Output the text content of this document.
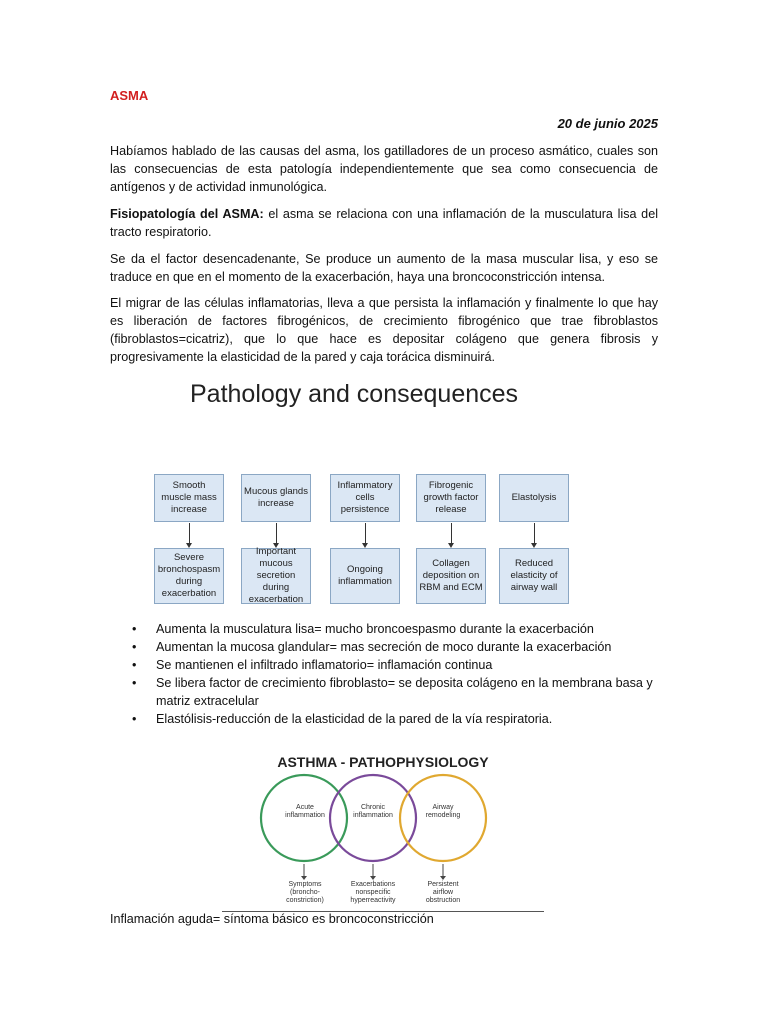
ASMA
20 de junio 2025
Habíamos hablado de las causas del asma, los gatilladores de un proceso asmático, cuales son las consecuencias de esta patología independientemente que sea como consecuencia de antígenos y de actividad inmunológica.
Fisiopatología del ASMA: el asma se relaciona con una inflamación de la musculatura lisa del tracto respiratorio.
Se da el factor desencadenante, Se produce un aumento de la masa muscular lisa, y eso se traduce en que en el momento de la exacerbación, haya una broncoconstricción intensa.
El migrar de las células inflamatorias, lleva a que persista la inflamación y finalmente lo que hay es liberación de factores fibrogénicos, de crecimiento fibrogénico que trae fibroblastos (fibroblastos=cicatriz), que lo que hace es depositar colágeno que genera fibrosis y progresivamente la elasticidad de la pared y caja torácica disminuirá.
Pathology and consequences
Smooth muscle mass increase
Mucous glands increase
Inflammatory cells persistence
Fibrogenic growth factor release
Elastolysis
Severe bronchospasm during exacerbation
Important mucous secretion during exacerbation
Ongoing inflammation
Collagen deposition on RBM and ECM
Reduced elasticity of airway wall
• Aumenta la musculatura lisa= mucho broncoespasmo durante la exacerbación
• Aumentan la mucosa glandular= mas secreción de moco durante la exacerbación
• Se mantienen el infiltrado inflamatorio= inflamación continua
• Se libera factor de crecimiento fibroblasto= se deposita colágeno en la membrana basa y matriz extracelular
• Elastólisis-reducción de la elasticidad de la pared de la vía respiratoria.
ASTHMA - PATHOPHYSIOLOGY
Acute inflammation
Chronic inflammation
Airway remodeling
Symptoms (broncho- constriction)
Exacerbations nonspecific hyperreactivity
Persistent airflow obstruction
Inflamación aguda= síntoma básico es broncoconstricción
